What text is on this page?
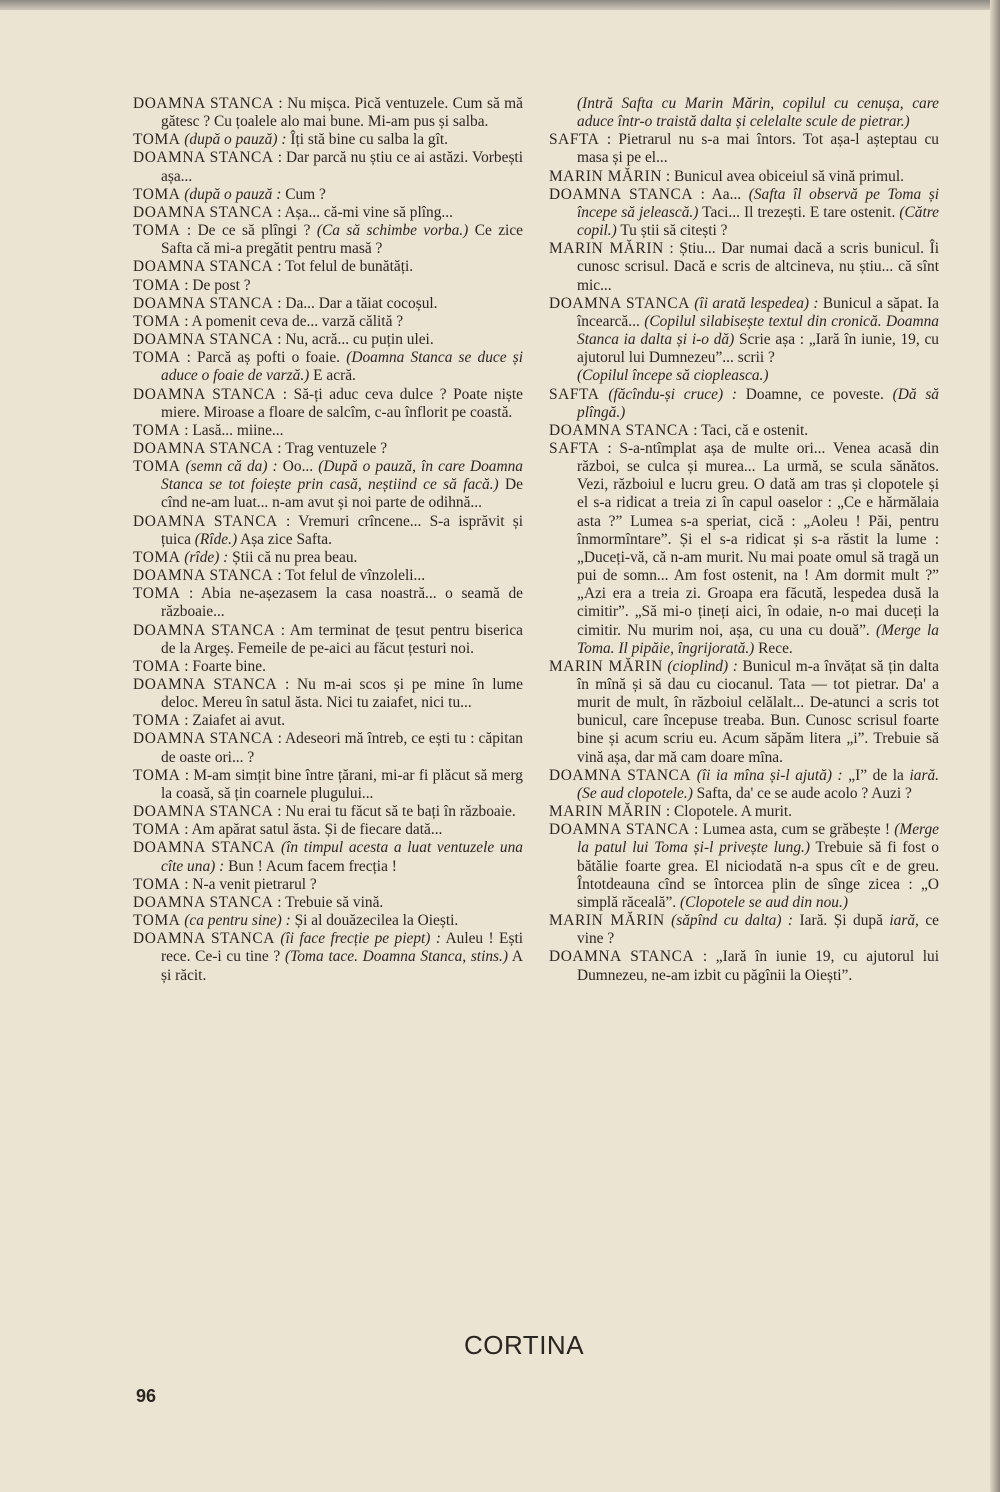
DOAMNA STANCA : Nu mișca. Pică ventuzele. Cum să mă gătesc ? Cu țoalele alo mai bune. Mi-am pus și salba.

TOMA (după o pauză) : Îți stă bine cu salba la gît.

DOAMNA STANCA : Dar parcă nu știu ce ai astăzi. Vorbești așa...

TOMA (după o pauză : Cum ?

DOAMNA STANCA : Așa... că-mi vine să plîng...

TOMA : De ce să plîngi ? (Ca să schimbe vorba.) Ce zice Safta că mi-a pregătit pentru masă ?

DOAMNA STANCA : Tot felul de bunătăți.

TOMA : De post ?

DOAMNA STANCA : Da... Dar a tăiat cocoșul.

TOMA : A pomenit ceva de... varză călită ?

DOAMNA STANCA : Nu, acră... cu puțin ulei.

TOMA : Parcă aș pofti o foaie. (Doamna Stanca se duce și aduce o foaie de varză.) E acră.

DOAMNA STANCA : Să-ți aduc ceva dulce ? Poate niște miere. Miroase a floare de salcîm, c-au înflorit pe coastă.

TOMA : Lasă... miine...

DOAMNA STANCA : Trag ventuzele ?

TOMA (semn că da) : Oo... (După o pauză, în care Doamna Stanca se tot foiește prin casă, neștiind ce să facă.) De cînd ne-am luat... n-am avut și noi parte de odihnă...

DOAMNA STANCA : Vremuri crîncene... S-a isprăvit și țuica (Rîde.) Așa zice Safta.

TOMA (rîde) : Știi că nu prea beau.

DOAMNA STANCA : Tot felul de vînzoleli...

TOMA : Abia ne-așezasem la casa noastră... o seamă de războaie...

DOAMNA STANCA : Am terminat de țesut pentru biserica de la Argeș. Femeile de pe-aici au făcut țesturi noi.

TOMA : Foarte bine.

DOAMNA STANCA : Nu m-ai scos și pe mine în lume deloc. Mereu în satul ăsta. Nici tu zaiafet, nici tu...

TOMA : Zaiafet ai avut.

DOAMNA STANCA : Adeseori mă întreb, ce ești tu : căpitan de oaste ori... ?

TOMA : M-am simțit bine între țărani, mi-ar fi plăcut să merg la coasă, să țin coarnele plugului...

DOAMNA STANCA : Nu erai tu făcut să te bați în războaie.

TOMA : Am apărat satul ăsta. Și de fiecare dată...

DOAMNA STANCA (în timpul acesta a luat ventuzele una cîte una) : Bun ! Acum facem frecția !

TOMA : N-a venit pietrarul ?

DOAMNA STANCA : Trebuie să vină.

TOMA (ca pentru sine) : Și al douăzecilea la Oiești.

DOAMNA STANCA (îi face frecție pe piept) : Auleu ! Ești rece. Ce-i cu tine ? (Toma tace. Doamna Stanca, stins.) A și răcit.

(Intră Safta cu Marin Mărin, copilul cu cenușa, care aduce într-o traistă dalta și celelalte scule de pietrar.)

SAFTA : Pietrarul nu s-a mai întors. Tot așa-l așteptau cu masa și pe el...

MARIN MĂRIN : Bunicul avea obiceiul să vină primul.

DOAMNA STANCA : Aa... (Safta îl observă pe Toma și începe să jelească.) Taci... Il trezești. E tare ostenit. (Către copil.) Tu știi să citești ?

MARIN MĂRIN : Știu... Dar numai dacă a scris bunicul. Îi cunosc scrisul. Dacă e scris de altcineva, nu știu... că sînt mic...

DOAMNA STANCA (îi arată lespedea) : Bunicul a săpat. Ia încearcă... (Copilul silabisește textul din cronică. Doamna Stanca ia dalta și i-o dă) Scrie așa : „Iară în iunie, 19, cu ajutorul lui Dumnezeu”... scrii ?

(Copilul începe să ciopleasca.)

SAFTA (făcîndu-și cruce) : Doamne, ce poveste. (Dă să plîngă.)

DOAMNA STANCA : Taci, că e ostenit.

SAFTA : S-a-ntîmplat așa de multe ori... Venea acasă din război, se culca și murea... La urmă, se scula sănătos. Vezi, războiul e lucru greu. O dată am tras și clopotele și el s-a ridicat a treia zi în capul oaselor : „Ce e hărmălaia asta ?” Lumea s-a speriat, cică : „Aoleu ! Păi, pentru înmormîntare”. Și el s-a ridicat și s-a răstit la lume : „Duceți-vă, că n-am murit. Nu mai poate omul să tragă un pui de somn... Am fost ostenit, na ! Am dormit mult ?” „Azi era a treia zi. Groapa era făcută, lespedea dusă la cimitir”. „Să mi-o țineți aici, în odaie, n-o mai duceți la cimitir. Nu murim noi, așa, cu una cu două”. (Merge la Toma. Il pipăie, îngrijorată.) Rece.

MARIN MĂRIN (cioplind) : Bunicul m-a învățat să țin dalta în mînă și să dau cu ciocanul. Tata — tot pietrar. Da' a murit de mult, în războiul celălalt... De-atunci a scris tot bunicul, care începuse treaba. Bun. Cunosc scrisul foarte bine și acum scriu eu. Acum săpăm litera „i”. Trebuie să vină așa, dar mă cam doare mîna.

DOAMNA STANCA (îi ia mîna și-l ajută) : „I” de la iară. (Se aud clopotele.) Safta, da' ce se aude acolo ? Auzi ?

MARIN MĂRIN : Clopotele. A murit.

DOAMNA STANCA : Lumea asta, cum se grăbește ! (Merge la patul lui Toma și-l privește lung.) Trebuie să fi fost o bătălie foarte grea. El niciodată n-a spus cît e de greu. Întotdeauna cînd se întorcea plin de sînge zicea : „O simplă răceală”. (Clopotele se aud din nou.)

MARIN MĂRIN (săpînd cu dalta) : Iară. Și după iară, ce vine ?

DOAMNA STANCA : „Iară în iunie 19, cu ajutorul lui Dumnezeu, ne-am izbit cu păgînii la Oiești”.

CORTINA
96
